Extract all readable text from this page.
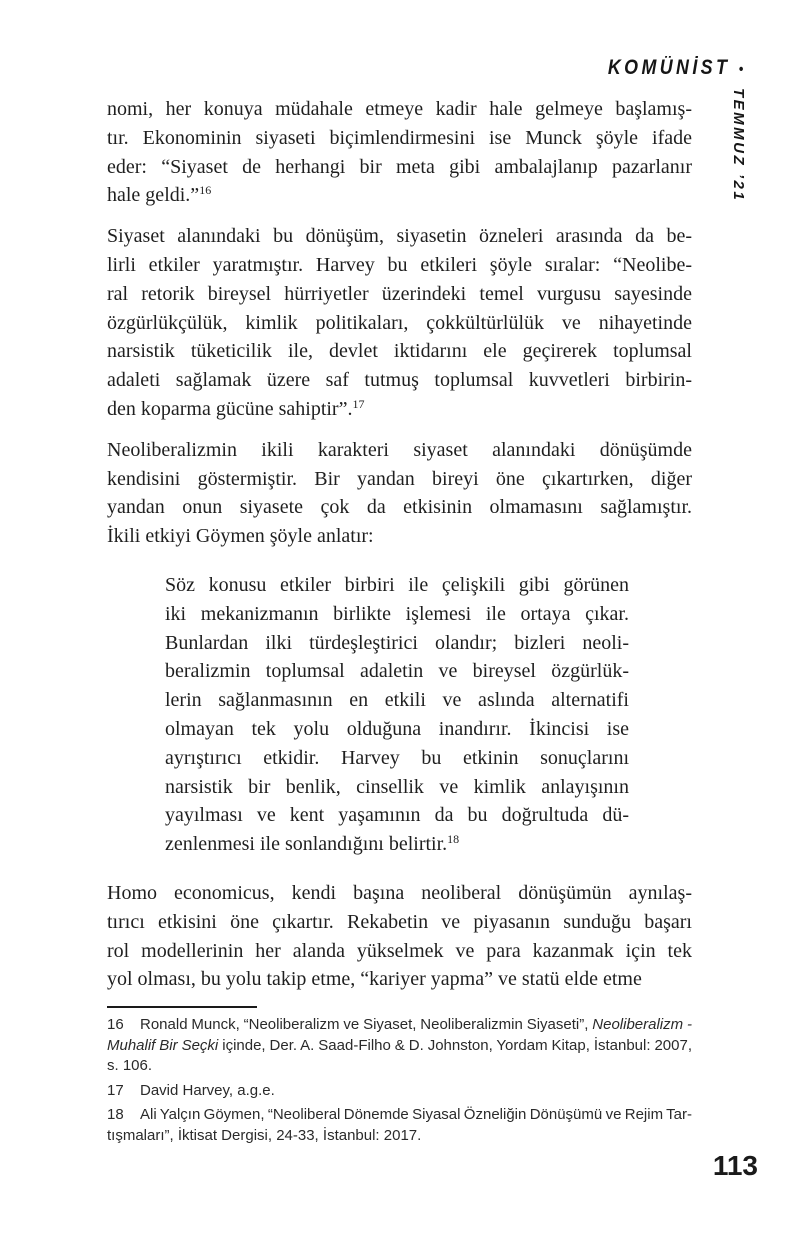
KOMÜNİST •
TEMMUZ ’21
nomi, her konuya müdahale etmeye kadir hale gelmeye başlamış-
tır. Ekonominin siyaseti biçimlendirmesini ise Munck şöyle ifade
eder: “Siyaset de herhangi bir meta gibi ambalajlanıp pazarlanır
hale geldi.”$^{16}$
Siyaset alanındaki bu dönüşüm, siyasetin özneleri arasında da be-
lirli etkiler yaratmıştır. Harvey bu etkileri şöyle sıralar: “Neolibe-
ral retorik bireysel hürriyetler üzerindeki temel vurgusu sayesinde
özgürlükçülük, kimlik politikaları, çokkültürlülük ve nihayetinde
narsistik tüketicilik ile, devlet iktidarını ele geçirerek toplumsal
adaleti sağlamak üzere saf tutmuş toplumsal kuvvetleri birbirin-
den koparma gücüne sahiptir”.$^{17}$
Neoliberalizmin ikili karakteri siyaset alanındaki dönüşümde
kendisini göstermiştir. Bir yandan bireyi öne çıkartırken, diğer
yandan onun siyasete çok da etkisinin olmamasını sağlamıştır.
İkili etkiyi Göymen şöyle anlatır:
Söz konusu etkiler birbiri ile çelişkili gibi görünen
iki mekanizmanın birlikte işlemesi ile ortaya çıkar.
Bunlardan ilki türdeşleştirici olandır; bizleri neoli-
beralizmin toplumsal adaletin ve bireysel özgürlük-
lerin sağlanmasının en etkili ve aslında alternatifi
olmayan tek yolu olduğuna inandırır. İkincisi ise
ayrıştırıcı etkidir. Harvey bu etkinin sonuçlarını
narsistik bir benlik, cinsellik ve kimlik anlayışının
yayılması ve kent yaşamının da bu doğrultuda dü-
zenlenmesi ile sonlandığını belirtir.$^{18}$
Homo economicus, kendi başına neoliberal dönüşümün aynılaş-
tırıcı etkisini öne çıkartır. Rekabetin ve piyasanın sunduğu başarı
rol modellerinin her alanda yükselmek ve para kazanmak için tek
yol olması, bu yolu takip etme, “kariyer yapma” ve statü elde etme
16 Ronald Munck, “Neoliberalizm ve Siyaset, Neoliberalizmin Siyaseti”, Neoliberalizm -
Muhalif Bir Seçki içinde, Der. A. Saad-Filho & D. Johnston, Yordam Kitap, İstanbul: 2007,
s. 106.
17 David Harvey, a.g.e.
18 Ali Yalçın Göymen, “Neoliberal Dönemde Siyasal Özneliğin Dönüşümü ve Rejim Tar-
tışmaları”, İktisat Dergisi, 24-33, İstanbul: 2017.
113
